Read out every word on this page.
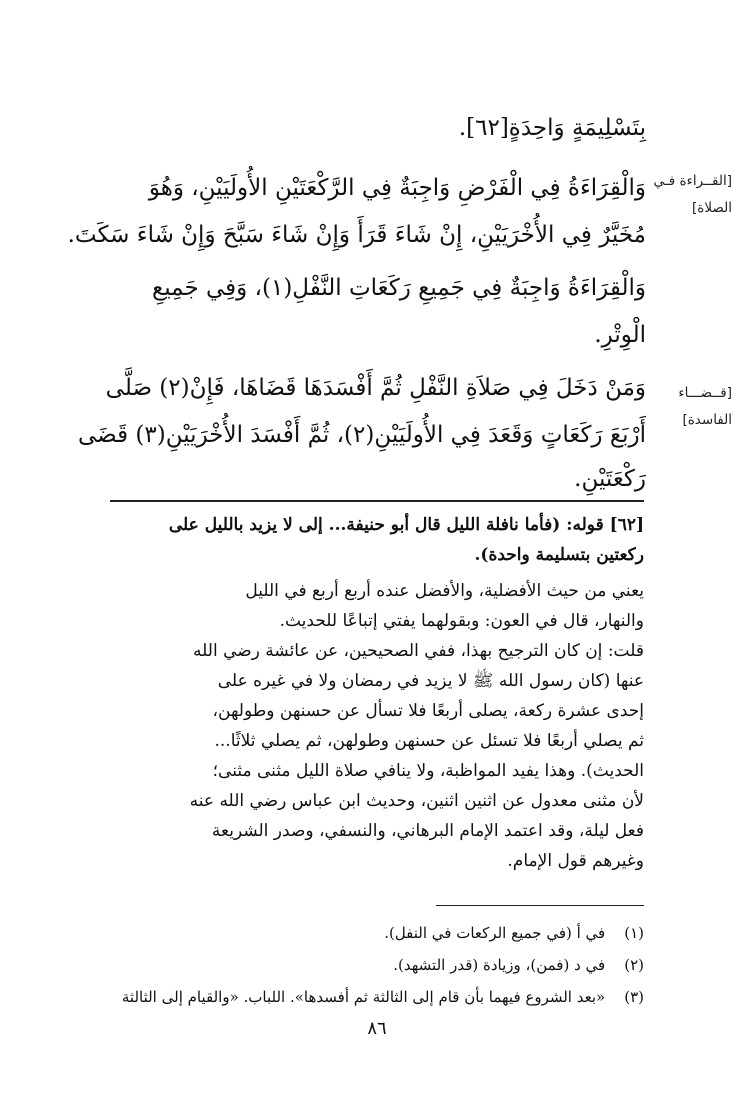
بِتَسْلِيمَةٍ وَاحِدَةٍ[٦٢].
وَالْقِرَاءَةُ فِي الْفَرْضِ وَاجِبَةٌ فِي الرَّكْعَتَيْنِ الأُولَيَيْنِ، وَهُوَ
مُخَيَّرٌ فِي الأُخْرَيَيْنِ، إِنْ شَاءَ قَرَأَ وَإِنْ شَاءَ سَبَّحَ وَإِنْ شَاءَ سَكَتَ.
وَالْقِرَاءَةُ وَاجِبَةٌ فِي جَمِيعِ رَكَعَاتِ النَّفْلِ(١)، وَفِي جَمِيعِ
الْوِتْرِ.
وَمَنْ دَخَلَ فِي صَلاَةِ النَّفْلِ ثُمَّ أَفْسَدَهَا قَضَاهَا، فَإِنْ(٢) صَلَّى
أَرْبَعَ رَكَعَاتٍ وَقَعَدَ فِي الأُولَيَيْنِ(٢)، ثُمَّ أَفْسَدَ الأُخْرَيَيْنِ(٣) قَضَى
رَكْعَتَيْنِ.
[القــراءة فـي
الصلاة]
[قــضـــاء
الفاسدة]
[٦٢] قوله: (فأما نافلة الليل قال أبو حنيفة... إلى لا يزيد بالليل على
ركعتين بتسليمة واحدة).
يعني من حيث الأفضلية، والأفضل عنده أربع أربع في الليل
والنهار، قال في العون: وبقولهما يفتي إتباعًا للحديث.
قلت: إن كان الترجيح بهذا، ففي الصحيحين، عن عائشة رضي الله
عنها (كان رسول الله ﷺ لا يزيد في رمضان ولا في غيره على
إحدى عشرة ركعة، يصلى أربعًا فلا تسأل عن حسنهن وطولهن،
ثم يصلي أربعًا فلا تسئل عن حسنهن وطولهن، ثم يصلي ثلاثًا...
الحديث). وهذا يفيد المواظبة، ولا ينافي صلاة الليل مثنى مثنى؛
لأن مثنى معدول عن اثنين اثنين، وحديث ابن عباس رضي الله عنه
فعل ليلة، وقد اعتمد الإمام البرهاني، والنسفي، وصدر الشريعة
وغيرهم قول الإمام.
(١) في أ (في جميع الركعات في النفل).
(٢) في د (فمن)، وزيادة (قدر التشهد).
(٣) «بعد الشروع فيهما بأن قام إلى الثالثة ثم أفسدها». اللباب. «والقيام إلى الثالثة
٨٦
